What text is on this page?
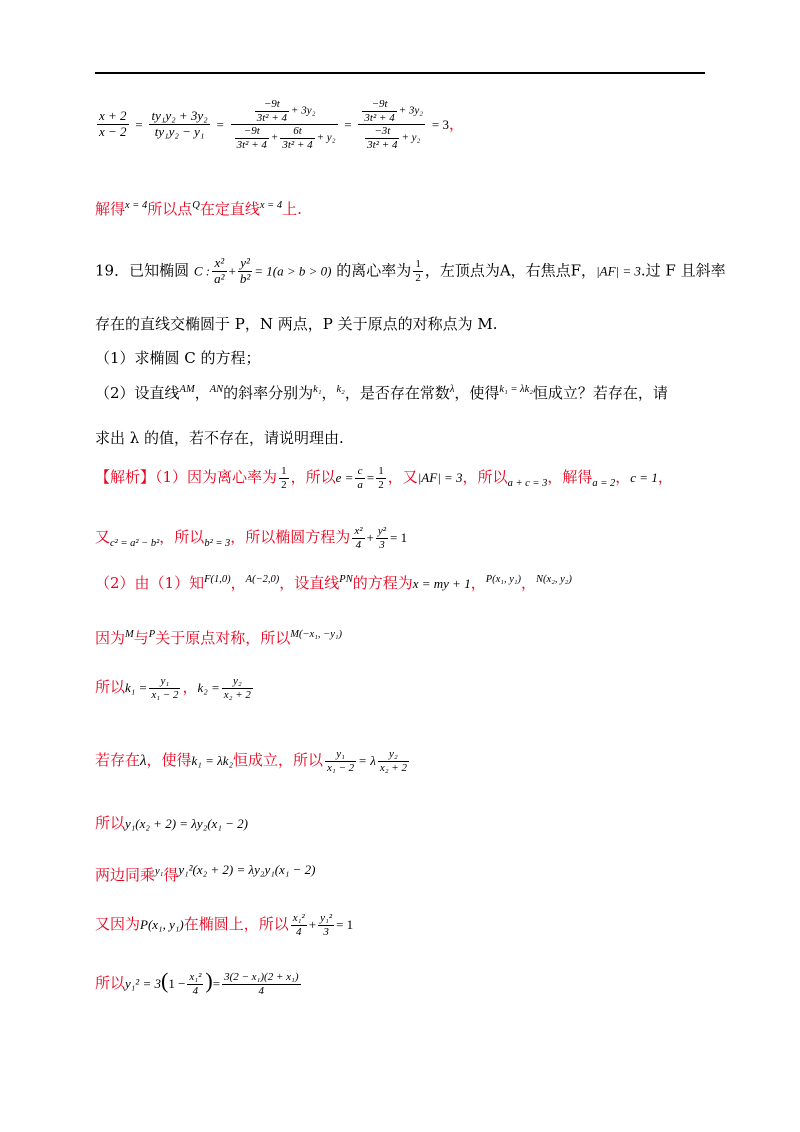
$\frac{x + 2}{x - 2} = \frac{\text{ty₁y₂ + 3y₂}}{\text{ty₁y₂ − y₁}} = \frac{\frac{-9t}{\text{3t² + 4}} + 3y_2}{\frac{-9t}{\text{3t² + 4}} + \frac{6t}{\text{3t² + 4}} + y_2} = \frac{\frac{-9t}{\text{3t² + 4}} + 3y_2}{\frac{-3t}{\text{3t² + 4}} + y_2} = 3$，
解得$^{x = 4}$所以点$^Q$在定直线$^{x = 4}$上.
19．已知椭圆 C : $\frac{\text{x²}}{\text{a²}} + \frac{\text{y²}}{\text{b²}} = 1(a > b > 0)$ 的离心率为 $\frac{1}{2}$ ，左顶点为A，右焦点F，|AF| = 3.过 F 且斜率
存在的直线交椭圆于 P，N 两点，P 关于原点的对称点为 M.
（1）求椭圆 C 的方程；
（2）设直线$^{AM}$，$^{AN}$的斜率分别为$^{k_1}$，$^{k_2}$，是否存在常数$^\lambda$，使得$^{k_1 = \lambda k_2}$恒成立？若存在，请
求出 λ 的值，若不存在，请说明理由.
【解析】（1）因为离心率为 $\frac{1}{2}$ ，所以$e = \frac{c}{a} = \frac{1}{2}$ ，又|AF| = 3，所以$_{a + c = 3}$，解得$_{a = 2}$，c = 1，
又$_{c^2 = a^2 - b^2}$，所以$_{b^2 = 3}$，所以椭圆方程为 $\frac{\text{x²}}{4} + \frac{\text{y²}}{3} = 1$
（2）由（1）知$^{F(1,0)}$，$^{A(-2,0)}$，设直线$^{PN}$的方程为x = my + 1，$^{P(x_1, y_1)}$，$^{N(x_2, y_2)}$
因为$^M$与$^P$关于原点对称，所以$^{M(-x_1, -y_1)}$
所以$k_1 = \frac{\text{y₁}}{\text{x₁ − 2}}$ ，$k_2 = \frac{\text{y₂}}{\text{x₂ + 2}}$
若存在λ，使得k₁ = λk₂恒成立，所以 $\frac{\text{y₁}}{\text{x₁ − 2}} = \lambda \frac{\text{y₂}}{\text{x₂ + 2}}$
所以y₁(x₂ + 2) = λy₂(x₁ − 2)
两边同乘$^{y_1}$得$^{y_1^2(x_2 + 2) = \lambda y_2y_1(x_1 - 2)}$
又因为P(x₁, y₁)在椭圆上，所以 $\frac{\text{x₁²}}{4} + \frac{\text{y₁²}}{3} = 1$
所以$y_1^2 = 3(1 - \frac{\text{x₁²}}{4}$ )= $\frac{\text{3(2 − x₁)(2 + x₁)}}{4}$
